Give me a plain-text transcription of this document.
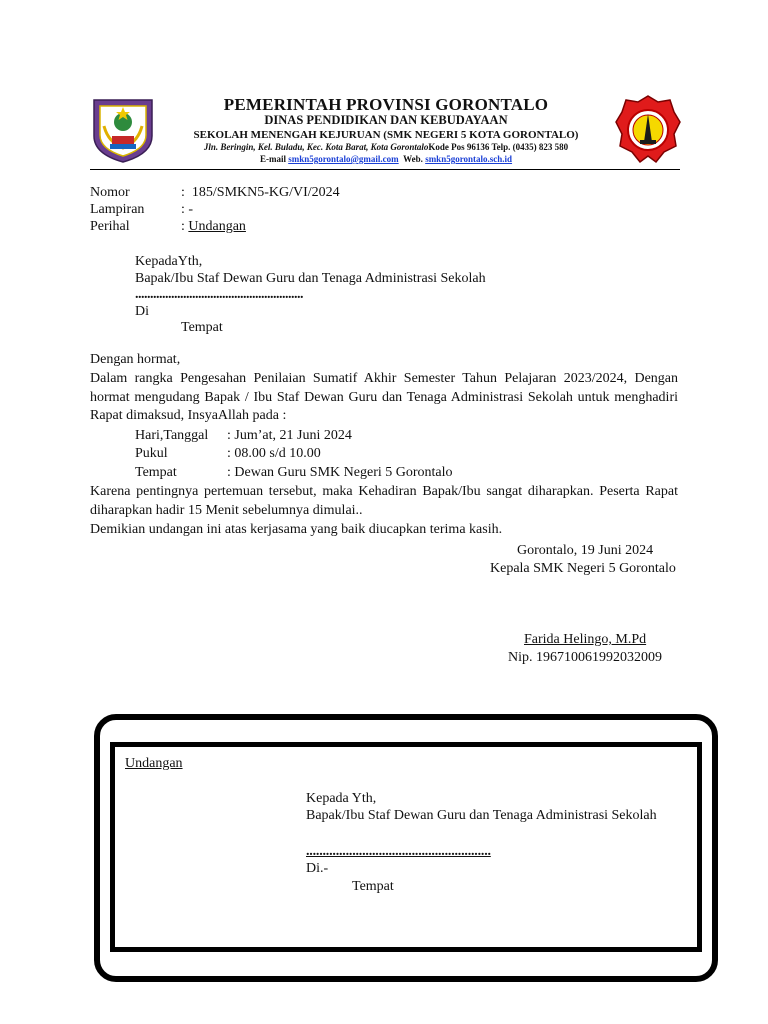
PEMERINTAH PROVINSI GORONTALO
DINAS PENDIDIKAN DAN KEBUDAYAAN
SEKOLAH MENENGAH KEJURUAN (SMK NEGERI 5 KOTA GORONTALO)
Jln. Beringin, Kel. Buladu, Kec. Kota Barat, Kota GorontaloKode Pos 96136 Telp. (0435) 823 580
E-mail smkn5gorontalo@gmail.com Web. smkn5gorontalo.sch.id
Nomor	:  185/SMKN5-KG/VI/2024
Lampiran	: -
Perihal	: Undangan
KepadaYth,
Bapak/Ibu Staf Dewan Guru dan Tenaga Administrasi Sekolah
........................................................
Di
Tempat
Dengan hormat,
Dalam rangka Pengesahan Penilaian Sumatif Akhir Semester Tahun Pelajaran 2023/2024, Dengan hormat mengudang Bapak / Ibu Staf Dewan Guru dan Tenaga Administrasi Sekolah untuk menghadiri Rapat dimaksud, InsyaAllah pada :
Hari,Tanggal : Jum’at, 21 Juni 2024
Pukul	: 08.00 s/d 10.00
Tempat	: Dewan Guru SMK Negeri 5 Gorontalo
Karena pentingnya pertemuan tersebut, maka Kehadiran Bapak/Ibu sangat diharapkan. Peserta Rapat diharapkan hadir 15 Menit sebelumnya dimulai..
Demikian undangan ini atas kerjasama yang baik diucapkan terima kasih.
Gorontalo, 19 Juni 2024
Kepala SMK Negeri 5 Gorontalo
Farida Helingo, M.Pd
Nip. 196710061992032009
Undangan
Kepada Yth,
Bapak/Ibu Staf Dewan Guru dan Tenaga Administrasi Sekolah
........................................................
Di.-
Tempat
